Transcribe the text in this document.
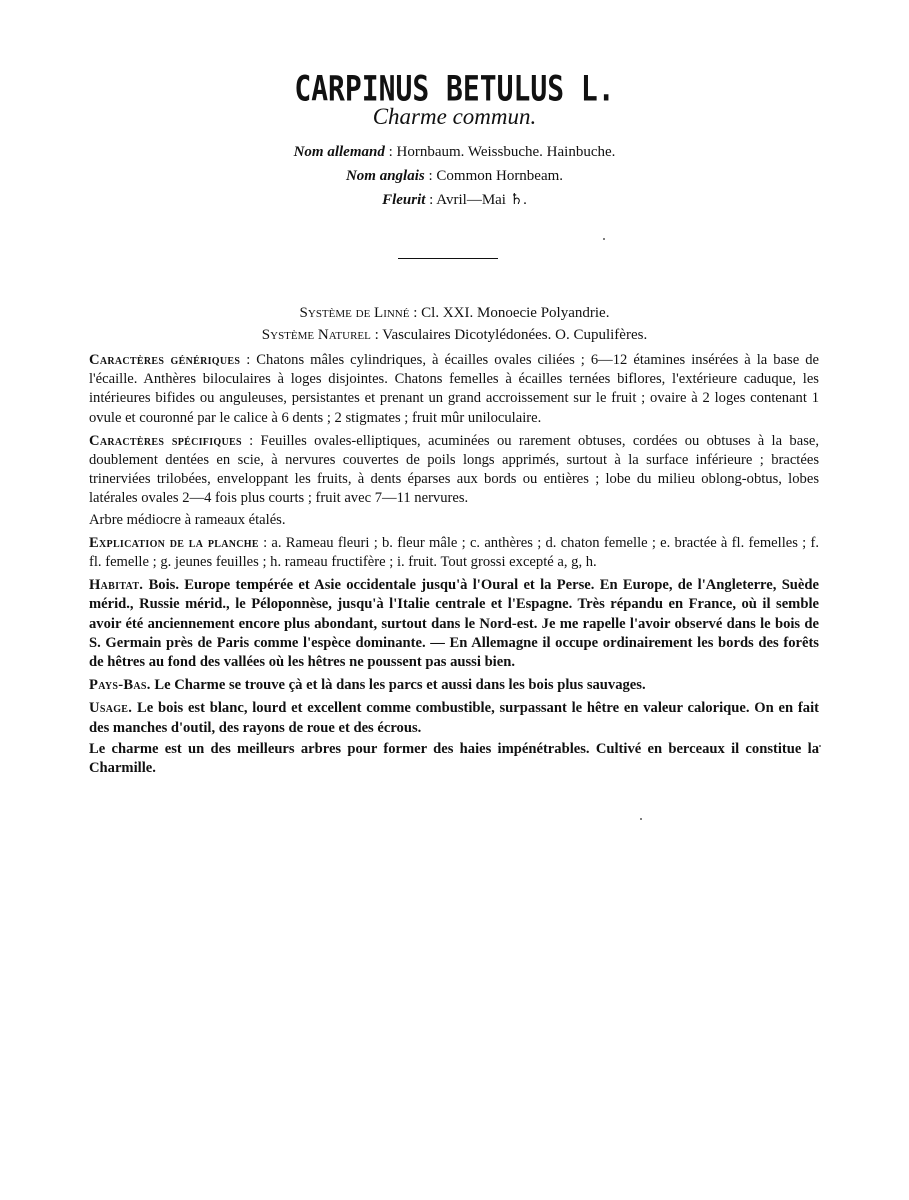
CARPINUS BETULUS L.
Charme commun.
Nom allemand : Hornbaum. Weissbuche. Hainbuche.
Nom anglais : Common Hornbeam.
Fleurit : Avril—Mai ♄.
Système de Linné : Cl. XXI. Monoecie Polyandrie.
Système Naturel : Vasculaires Dicotylédonées. O. Cupulifères.

Caractères génériques : Chatons mâles cylindriques, à écailles ovales ciliées ; 6—12 étamines insérées à la base de l'écaille. Anthères biloculaires à loges disjointes. Chatons femelles à écailles ternées biflores, l'extérieure caduque, les intérieures bifides ou anguleuses, persistantes et prenant un grand accroissement sur le fruit ; ovaire à 2 loges contenant 1 ovule et couronné par le calice à 6 dents ; 2 stigmates ; fruit mûr uniloculaire.

Caractères spécifiques : Feuilles ovales-elliptiques, acuminées ou rarement obtuses, cordées ou obtuses à la base, doublement dentées en scie, à nervures couvertes de poils longs apprimés, surtout à la surface inférieure ; bractées trinerviées trilobées, enveloppant les fruits, à dents éparses aux bords ou entières ; lobe du milieu oblong-obtus, lobes latérales ovales 2—4 fois plus courts ; fruit avec 7—11 nervures.

Arbre médiocre à rameaux étalés.

Explication de la planche : a. Rameau fleuri ; b. fleur mâle ; c. anthères ; d. chaton femelle ; e. bractée à fl. femelles ; f. fl. femelle ; g. jeunes feuilles ; h. rameau fructifère ; i. fruit. Tout grossi excepté a, g, h.

Habitat. Bois. Europe tempérée et Asie occidentale jusqu'à l'Oural et la Perse. En Europe, de l'Angleterre, Suède mérid., Russie mérid., le Péloponnèse, jusqu'à l'Italie centrale et l'Espagne. Très répandu en France, où il semble avoir été anciennement encore plus abondant, surtout dans le Nord-est. Je me rapelle l'avoir observé dans le bois de S. Germain près de Paris comme l'espèce dominante. — En Allemagne il occupe ordinairement les bords des forêts de hêtres au fond des vallées où les hêtres ne poussent pas aussi bien.

Pays-Bas. Le Charme se trouve çà et là dans les parcs et aussi dans les bois plus sauvages.

Usage. Le bois est blanc, lourd et excellent comme combustible, surpassant le hêtre en valeur calorique. On en fait des manches d'outil, des rayons de roue et des écrous.

Le charme est un des meilleurs arbres pour former des haies impénétrables. Cultivé en berceaux il constitue la Charmille.
